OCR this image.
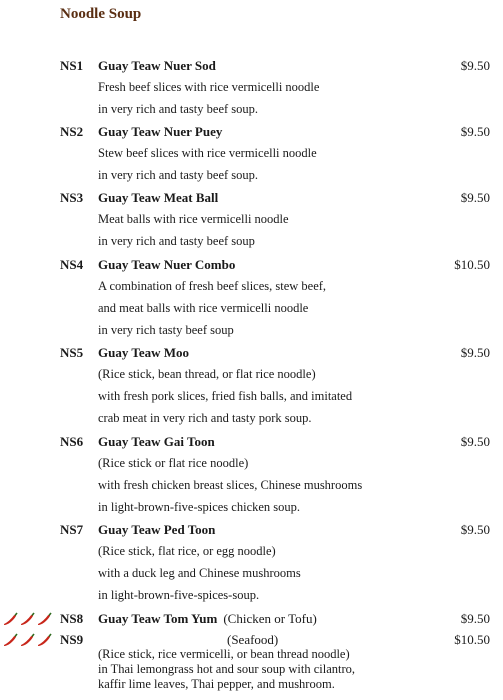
Noodle Soup
NS1 Guay Teaw Nuer Sod	$9.50
Fresh beef slices with rice vermicelli noodle
in very rich and tasty beef soup.
NS2 Guay Teaw Nuer Puey	$9.50
Stew beef slices with rice vermicelli noodle
in very rich and tasty beef soup.
NS3 Guay Teaw Meat Ball	$9.50
Meat balls with rice vermicelli noodle
in very rich and tasty beef soup
NS4 Guay Teaw Nuer Combo	$10.50
A combination of fresh beef slices, stew beef,
and meat balls with rice vermicelli noodle
in very rich tasty beef soup
NS5 Guay Teaw Moo	$9.50
(Rice stick, bean thread, or flat rice noodle)
with fresh pork slices, fried fish balls, and imitated
crab meat in very rich and tasty pork soup.
NS6 Guay Teaw Gai Toon	$9.50
(Rice stick or flat rice noodle)
with fresh chicken breast slices, Chinese mushrooms
in light-brown-five-spices chicken soup.
NS7 Guay Teaw Ped Toon	$9.50
(Rice stick, flat rice, or egg noodle)
with a duck leg and Chinese mushrooms
in light-brown-five-spices-soup.
NS8 Guay Teaw Tom Yum (Chicken or Tofu)	$9.50
NS9	(Seafood)	$10.50
(Rice stick, rice vermicelli, or bean thread noodle)
in Thai lemongrass hot and sour soup with cilantro,
kaffir lime leaves, Thai pepper, and mushroom.
